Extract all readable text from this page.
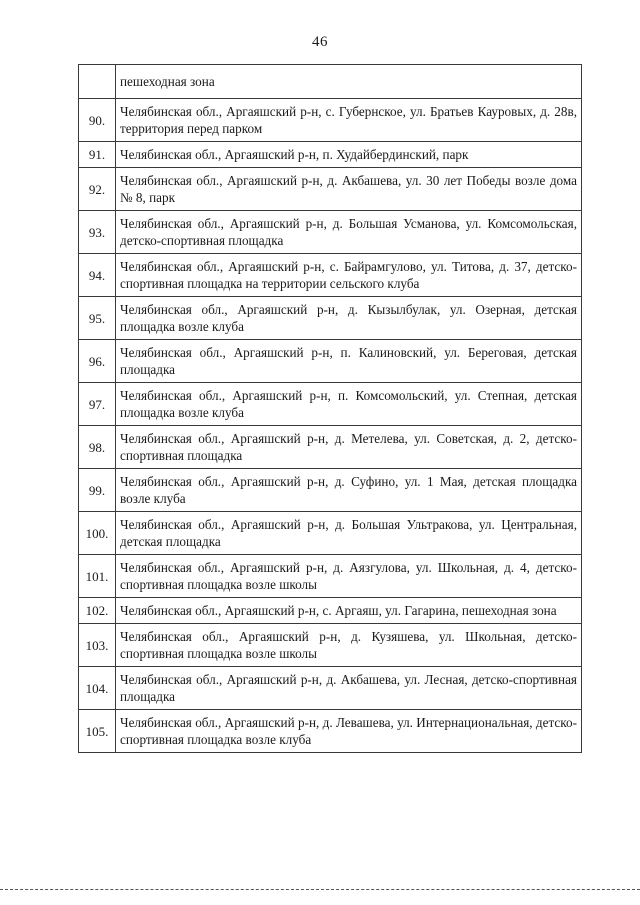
46
	пешеходная зона
90.	Челябинская обл., Аргаяшский р-н, с. Губернское, ул. Братьев Кауровых, д. 28в, территория перед парком
91.	Челябинская обл., Аргаяшский р-н, п. Худайбердинский, парк
92.	Челябинская обл., Аргаяшский р-н, д. Акбашева, ул. 30 лет Победы возле дома № 8, парк
93.	Челябинская обл., Аргаяшский р-н, д. Большая Усманова, ул. Комсомольская, детско-спортивная площадка
94.	Челябинская обл., Аргаяшский р-н, с. Байрамгулово, ул. Титова, д. 37, детско-спортивная площадка на территории сельского клуба
95.	Челябинская обл., Аргаяшский р-н, д. Кызылбулак, ул. Озерная, детская площадка возле клуба
96.	Челябинская обл., Аргаяшский р-н, п. Калиновский, ул. Береговая, детская площадка
97.	Челябинская обл., Аргаяшский р-н, п. Комсомольский, ул. Степная, детская площадка возле клуба
98.	Челябинская обл., Аргаяшский р-н, д. Метелева, ул. Советская, д. 2, детско-спортивная площадка
99.	Челябинская обл., Аргаяшский р-н, д. Суфино, ул. 1 Мая, детская площадка возле клуба
100.	Челябинская обл., Аргаяшский р-н, д. Большая Ультракова, ул. Центральная, детская площадка
101.	Челябинская обл., Аргаяшский р-н, д. Аязгулова, ул. Школьная, д. 4, детско-спортивная площадка возле школы
102.	Челябинская обл., Аргаяшский р-н, с. Аргаяш, ул. Гагарина, пешеходная зона
103.	Челябинская обл., Аргаяшский р-н, д. Кузяшева, ул. Школьная, детско-спортивная площадка возле школы
104.	Челябинская обл., Аргаяшский р-н, д. Акбашева, ул. Лесная, детско-спортивная площадка
105.	Челябинская обл., Аргаяшский р-н, д. Левашева, ул. Интернациональная, детско-спортивная площадка возле клуба
